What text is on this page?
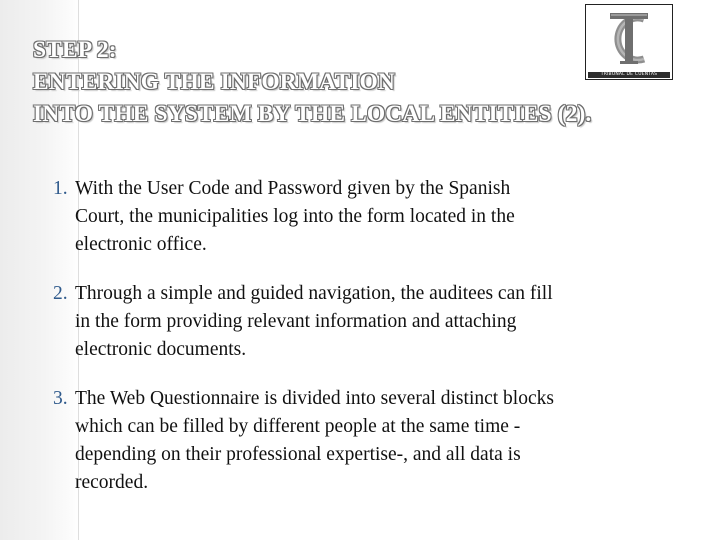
STEP 2:
ENTERING THE INFORMATION
INTO THE SYSTEM BY THE LOCAL ENTITIES (2).
TRIBUNAL DE CUENTAS
1. With the User Code and Password given by the Spanish
Court, the municipalities log into the form located in the
electronic office.
2. Through a simple and guided navigation, the auditees can fill
in the form providing relevant information and attaching
electronic documents.
3. The Web Questionnaire is divided into several distinct blocks
which can be filled by different people at the same time -
depending on their professional expertise-, and all data is
recorded.
